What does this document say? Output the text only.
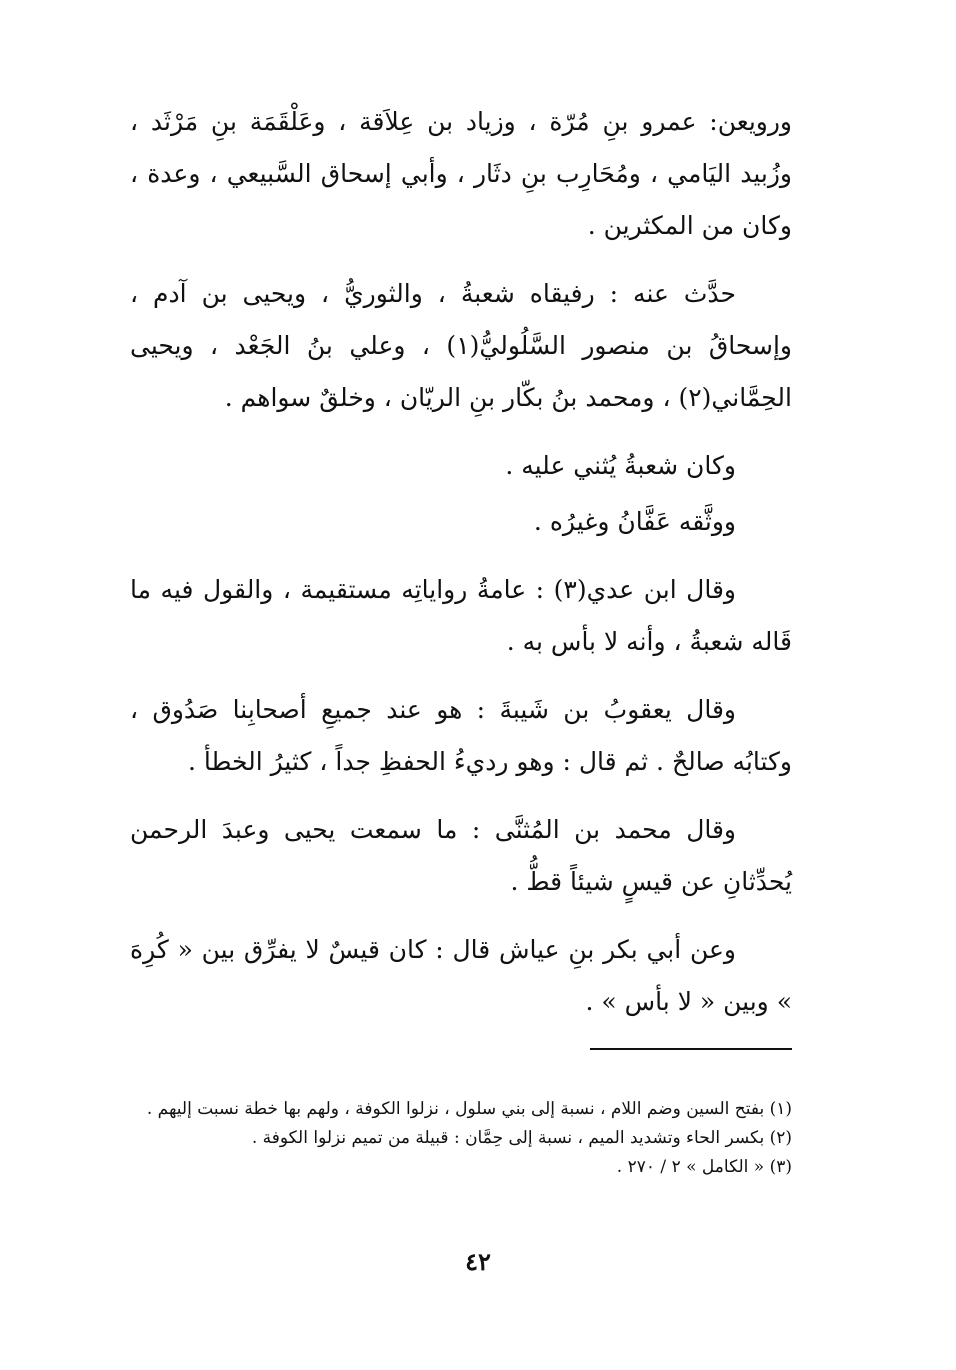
ورویعن: عمرو بنِ مُرّة ، وزياد بن عِلاَقة ، وعَلْقَمَة بنِ مَرْثَد ، وزُبيد اليَامي ، ومُحَارِب بنِ دثَار ، وأبي إسحاق السَّبيعي ، وعدة ، وكان من المكثرين .

حدَّث عنه : رفيقاه شعبةُ ، والثوريُّ ، ويحيى بن آدم ، وإسحاقُ بن منصور السَّلُوليُّ(١) ، وعلي بنُ الجَعْد ، ويحيى الحِمَّاني(٢) ، ومحمد بنُ بكّار بنِ الريّان ، وخلقٌ سواهم .

وكان شعبةُ يُثني عليه .

ووثَّقه عَفَّانُ وغيرُه .

وقال ابن عدي(٣) : عامةُ رواياتِه مستقيمة ، والقول فيه ما قَاله شعبةُ ، وأنه لا بأس به .

وقال يعقوبُ بن شَيبةَ : هو عند جميعِ أصحابِنا صَدُوق ، وكتابُه صالحٌ . ثم قال : وهو رديءُ الحفظِ جداً ، كثيرُ الخطأ .

وقال محمد بن المُثنَّى : ما سمعت يحيى وعبدَ الرحمن يُحدِّثانِ عن قيسٍ شيئاً قطُّ .

وعن أبي بكر بنِ عياش قال : كان قيسٌ لا يفرِّق بين « كُرِهَ » وبين « لا بأس » .

(١) بفتح السين وضم اللام ، نسبة إلى بني سلول ، نزلوا الكوفة ، ولهم بها خطة نسبت إليهم .

(٢) بكسر الحاء وتشديد الميم ، نسبة إلى حِمَّان : قبيلة من تميم نزلوا الكوفة .

(٣) « الكامل » ٢ / ٢٧٠ .

٤٢
